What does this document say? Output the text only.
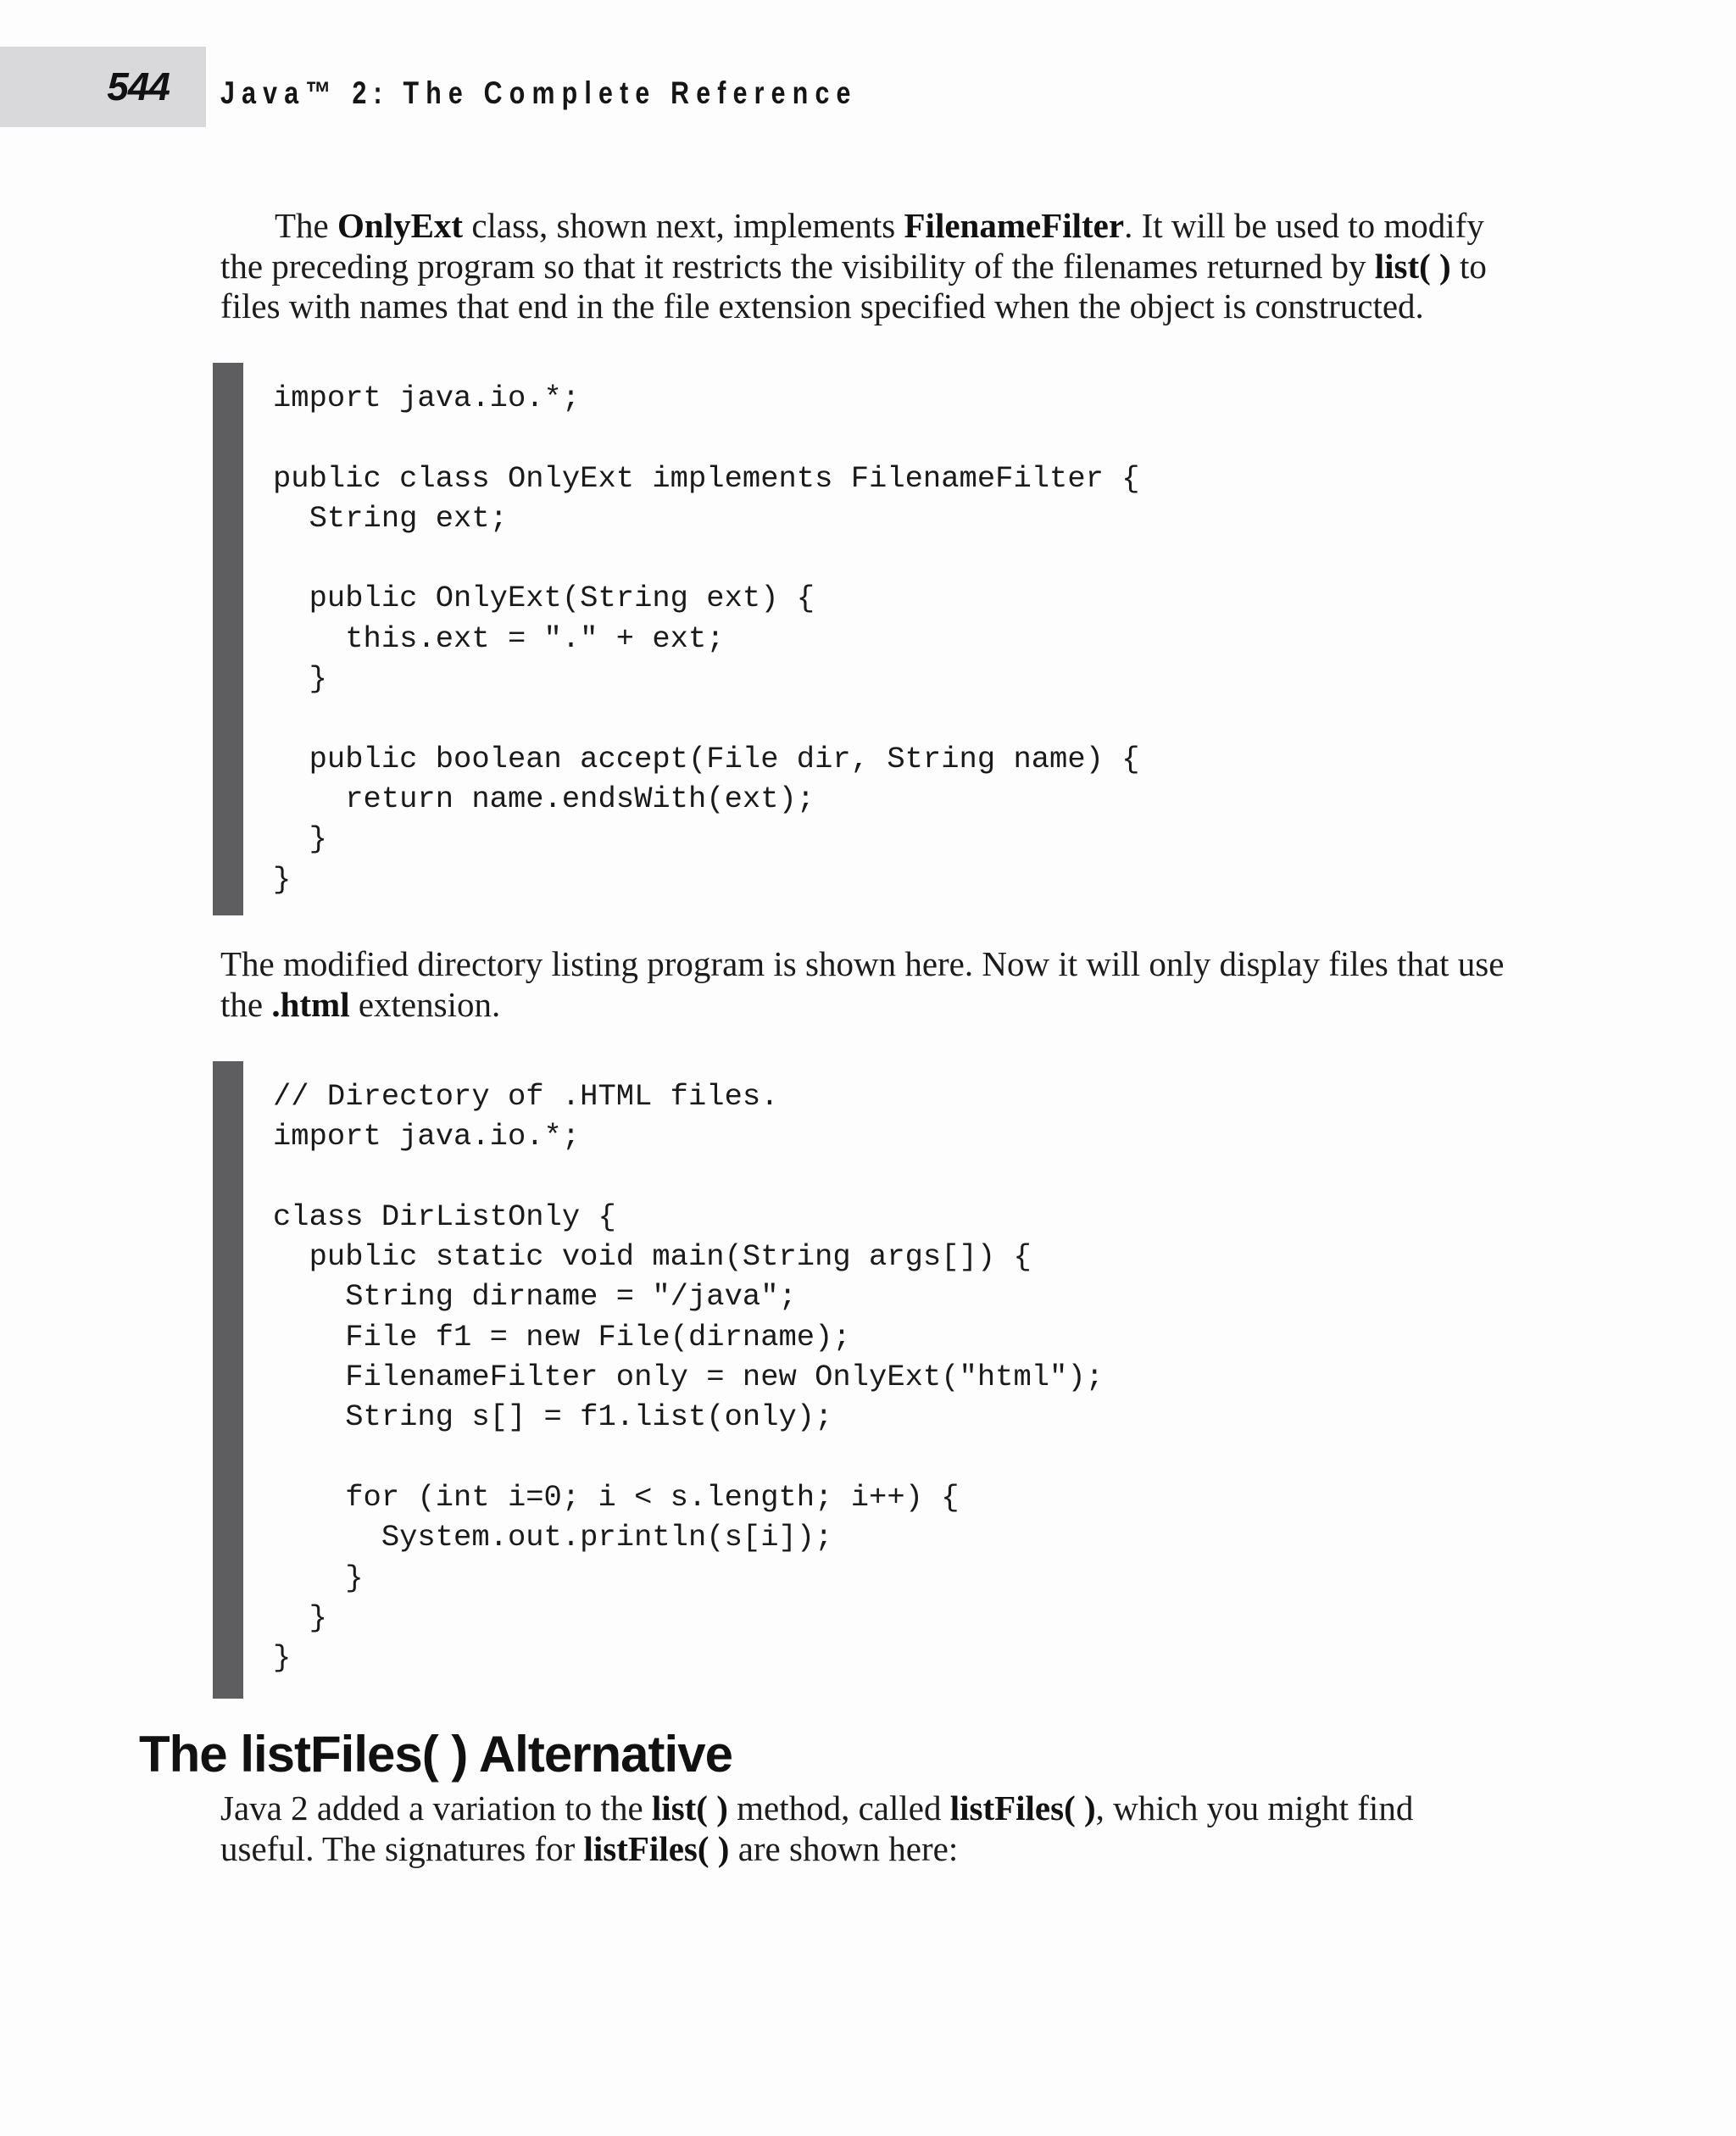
544 Java™ 2: The Complete Reference

The OnlyExt class, shown next, implements FilenameFilter. It will be used to modify the preceding program so that it restricts the visibility of the filenames returned by list( ) to files with names that end in the file extension specified when the object is constructed.

import java.io.*;
public class OnlyExt implements FilenameFilter {
String ext;
public OnlyExt(String ext) {
this.ext = "." + ext;
}
public boolean accept(File dir, String name) {
return name.endsWith(ext);
}
}

The modified directory listing program is shown here. Now it will only display files that use the .html extension.

// Directory of .HTML files.
import java.io.*;
class DirListOnly {
public static void main(String args[]) {
String dirname = "/java";
File f1 = new File(dirname);
FilenameFilter only = new OnlyExt("html");
String s[] = f1.list(only);
for (int i=0; i < s.length; i++) {
System.out.println(s[i]);
}
}
}
The listFiles( ) Alternative

Java 2 added a variation to the list( ) method, called listFiles( ), which you might find useful. The signatures for listFiles( ) are shown here:
